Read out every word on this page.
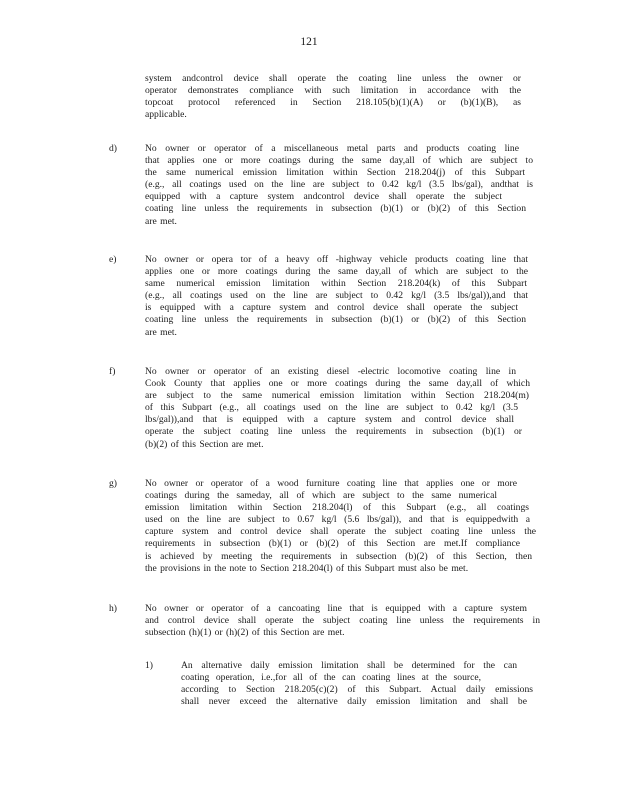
121
system andcontrol device shall operate the coating line unless the owner or
operator demonstrates compliance with such limitation in accordance with the
topcoat protocol referenced in Section 218.105(b)(1)(A) or (b)(1)(B), as
applicable.
d)	No owner or operator of a miscellaneous metal parts and products coating line
that applies one or more coatings during the same day,all of which are subject to
the same numerical emission limitation within Section 218.204(j) of this Subpart
(e.g., all coatings used on the line are subject to 0.42 kg/l (3.5 lbs/gal), andthat is
equipped with a capture system andcontrol device shall operate the subject
coating line unless the requirements in subsection (b)(1) or (b)(2) of this Section
are met.
e)	No owner or opera tor of a heavy off -highway vehicle products coating line that
applies one or more coatings during the same day,all of which are subject to the
same numerical emission limitation within Section 218.204(k) of this Subpart
(e.g., all coatings used on the line are subject to 0.42 kg/l (3.5 lbs/gal)),and that
is equipped with a capture system and control device shall operate the subject
coating line unless the requirements in subsection (b)(1) or (b)(2) of this Section
are met.
f)	No owner or operator of an existing diesel -electric locomotive coating line in
Cook County that applies one or more coatings during the same day,all of which
are subject to the same numerical emission limitation within Section 218.204(m)
of this Subpart (e.g., all coatings used on the line are subject to 0.42 kg/l (3.5
lbs/gal)),and that is equipped with a capture system and control device shall
operate the subject coating line unless the requirements in subsection (b)(1) or
(b)(2) of this Section are met.
g)	No owner or operator of a wood furniture coating line that applies one or more
coatings during the sameday, all of which are subject to the same numerical
emission limitation within Section 218.204(l) of this Subpart (e.g., all coatings
used on the line are subject to 0.67 kg/l (5.6 lbs/gal)), and that is equippedwith a
capture system and control device shall operate the subject coating line unless the
requirements in subsection (b)(1) or (b)(2) of this Section are met.If compliance
is achieved by meeting the requirements in subsection (b)(2) of this Section, then
the provisions in the note to Section 218.204(l) of this Subpart must also be met.
h)	No owner or operator of a cancoating line that is equipped with a capture system
and control device shall operate the subject coating line unless the requirements in
subsection (h)(1) or (h)(2) of this Section are met.
1)	An alternative daily emission limitation shall be determined for the can
coating operation, i.e.,for all of the can coating lines at the source,
according to Section 218.205(c)(2) of this Subpart. Actual daily emissions
shall never exceed the alternative daily emission limitation and shall be
